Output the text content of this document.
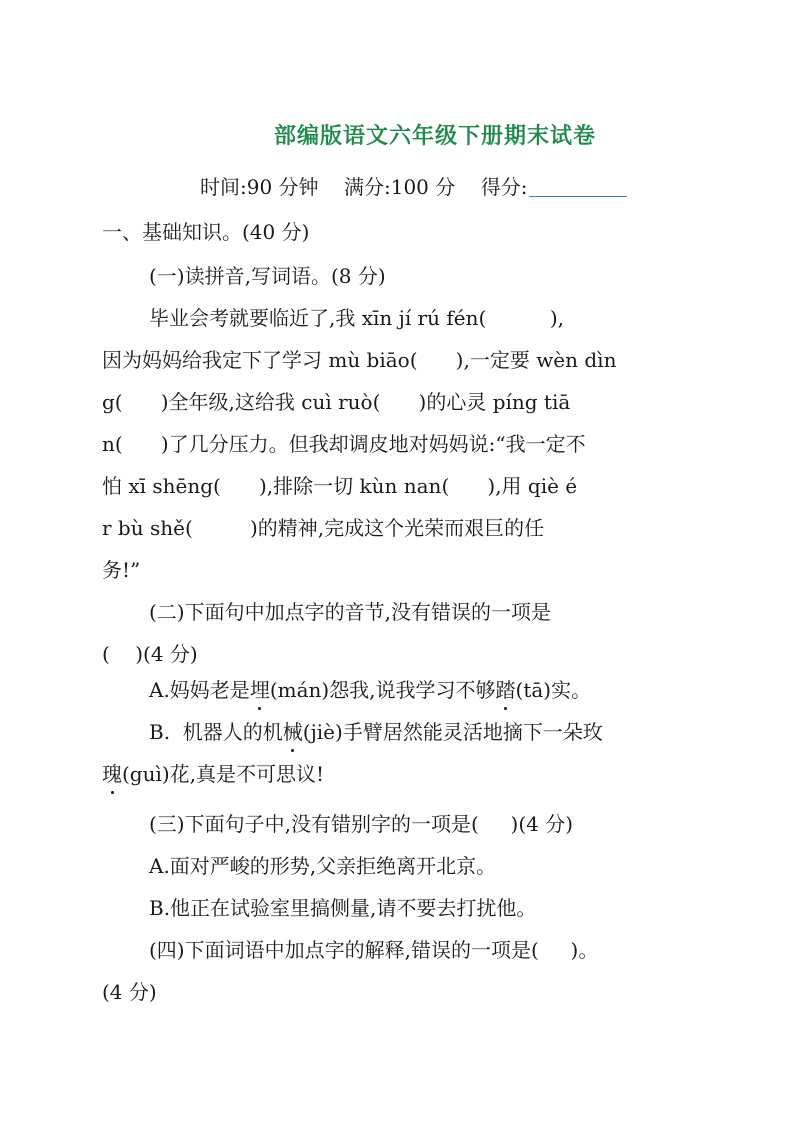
部编版语文六年级下册期末试卷
时间:90 分钟 满分:100 分 得分:
一、基础知识。(40 分)
(一)读拼音,写词语。(8 分)
毕业会考就要临近了,我 xīn jí rú fén(          ),
因为妈妈给我定下了学习 mù biāo(      ),一定要 wèn dìn
g(      )全年级,这给我 cuì ruò(      )的心灵 píng tiā
n(      )了几分压力。但我却调皮地对妈妈说:“我一定不
怕 xī shēng(      ),排除一切 kùn nan(      ),用 qiè é
r bù shě(         )的精神,完成这个光荣而艰巨的任
务!”
(二)下面句中加点字的音节,没有错误的一项是
(    )(4 分)
A.妈妈老是埋(mán)怨我,说我学习不够踏(tā)实。
B.  机器人的机械(jiè)手臂居然能灵活地摘下一朵玫
瑰(guì)花,真是不可思议!
(三)下面句子中,没有错别字的一项是(     )(4 分)
A.面对严峻的形势,父亲拒绝离开北京。
B.他正在试验室里搞侧量,请不要去打扰他。
(四)下面词语中加点字的解释,错误的一项是(     )。
(4 分)
